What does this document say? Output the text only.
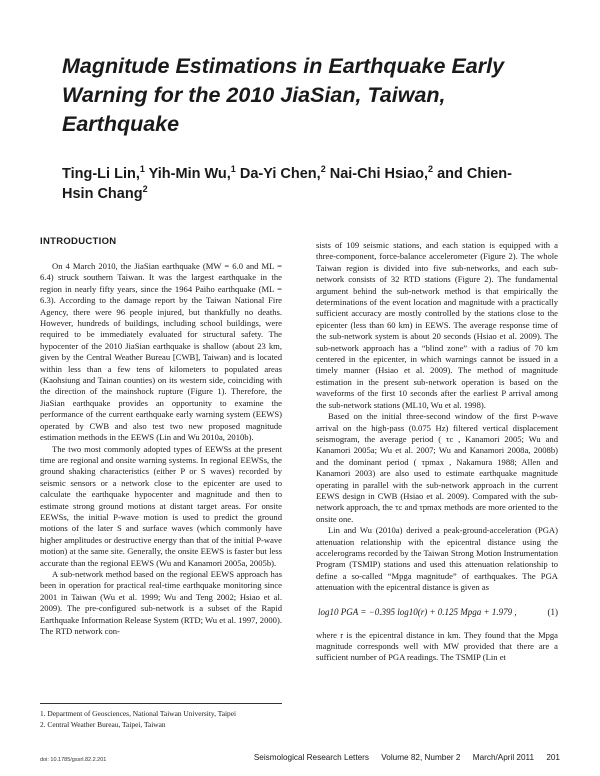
Magnitude Estimations in Earthquake Early Warning for the 2010 JiaSian, Taiwan, Earthquake
Ting-Li Lin,$^1$ Yih-Min Wu,$^1$ Da-Yi Chen,$^2$ Nai-Chi Hsiao,$^2$ and Chien-Hsin Chang$^2$
INTRODUCTION

On 4 March 2010, the JiaSian earthquake (MW = 6.0 and ML = 6.4) struck southern Taiwan. It was the largest earthquake in the region in nearly fifty years, since the 1964 Paiho earthquake (ML = 6.3). According to the damage report by the Taiwan National Fire Agency, there were 96 people injured, but thankfully no deaths. However, hundreds of buildings, including school buildings, were required to be immediately evaluated for structural safety. The hypocenter of the 2010 JiaSian earthquake is shallow (about 23 km, given by the Central Weather Bureau [CWB], Taiwan) and is located within less than a few tens of kilometers to populated areas (Kaohsiung and Tainan counties) on its western side, coinciding with the direction of the mainshock rupture (Figure 1). Therefore, the JiaSian earthquake provides an opportunity to examine the performance of the current earthquake early warning system (EEWS) operated by CWB and also test two new proposed magnitude estimation methods in the EEWS (Lin and Wu 2010a, 2010b).

The two most commonly adopted types of EEWSs at the present time are regional and onsite warning systems. In regional EEWSs, the ground shaking characteristics (either P or S waves) recorded by seismic sensors or a network close to the epicenter are used to calculate the earthquake hypocenter and magnitude and then to estimate strong ground motions at distant target areas. For onsite EEWSs, the initial P-wave motion is used to predict the ground motions of the later S and surface waves (which commonly have higher amplitudes or destructive energy than that of the initial P-wave motion) at the same site. Generally, the onsite EEWS is faster but less accurate than the regional EEWS (Wu and Kanamori 2005a, 2005b).

A sub-network method based on the regional EEWS approach has been in operation for practical real-time earthquake monitoring since 2001 in Taiwan (Wu et al. 1999; Wu and Teng 2002; Hsiao et al. 2009). The pre-configured sub-network is a subset of the Rapid Earthquake Information Release System (RTD; Wu et al. 1997, 2000). The RTD network con-

sists of 109 seismic stations, and each station is equipped with a three-component, force-balance accelerometer (Figure 2). The whole Taiwan region is divided into five sub-networks, and each sub-network consists of 32 RTD stations (Figure 2). The fundamental argument behind the sub-network method is that empirically the determinations of the event location and magnitude with a practically sufficient accuracy are mostly controlled by the stations close to the epicenter (less than 60 km) in EEWS. The average response time of the sub-network system is about 20 seconds (Hsiao et al. 2009). The sub-network approach has a “blind zone” with a radius of 70 km centered in the epicenter, in which warnings cannot be issued in a timely manner (Hsiao et al. 2009). The method of magnitude estimation in the present sub-network operation is based on the waveforms of the first 10 seconds after the earliest P arrival among the sub-network stations (ML10, Wu et al. 1998).

Based on the initial three-second window of the first P-wave arrival on the high-pass (0.075 Hz) filtered vertical displacement seismogram, the average period ( τc , Kanamori 2005; Wu and Kanamori 2005a; Wu et al. 2007; Wu and Kanamori 2008a, 2008b) and the dominant period ( τpmax , Nakamura 1988; Allen and Kanamori 2003) are also used to estimate earthquake magnitude operating in parallel with the sub-network approach in the current EEWS design in CWB (Hsiao et al. 2009). Compared with the sub-network approach, the τc and τpmax methods are more oriented to the onsite one.

Lin and Wu (2010a) derived a peak-ground-acceleration (PGA) attenuation relationship with the epicentral distance using the accelerograms recorded by the Taiwan Strong Motion Instrumentation Program (TSMIP) stations and used this attenuation relationship to define a so-called “Mpga magnitude” of earthquakes. The PGA attenuation with the epicentral distance is given as

log10 PGA = −0.395 log10(r) + 0.125 Mpga + 1.979 ,	(1)

where r is the epicentral distance in km. They found that the Mpga magnitude corresponds well with MW provided that there are a sufficient number of PGA readings. The TSMIP (Lin et

1. Department of Geosciences, National Taiwan University, Taipei

2. Central Weather Bureau, Taipei, Taiwan

doi: 10.1785/gssrl.82.2.201	Seismological Research Letters Volume 82, Number 2 March/April 2011 201
